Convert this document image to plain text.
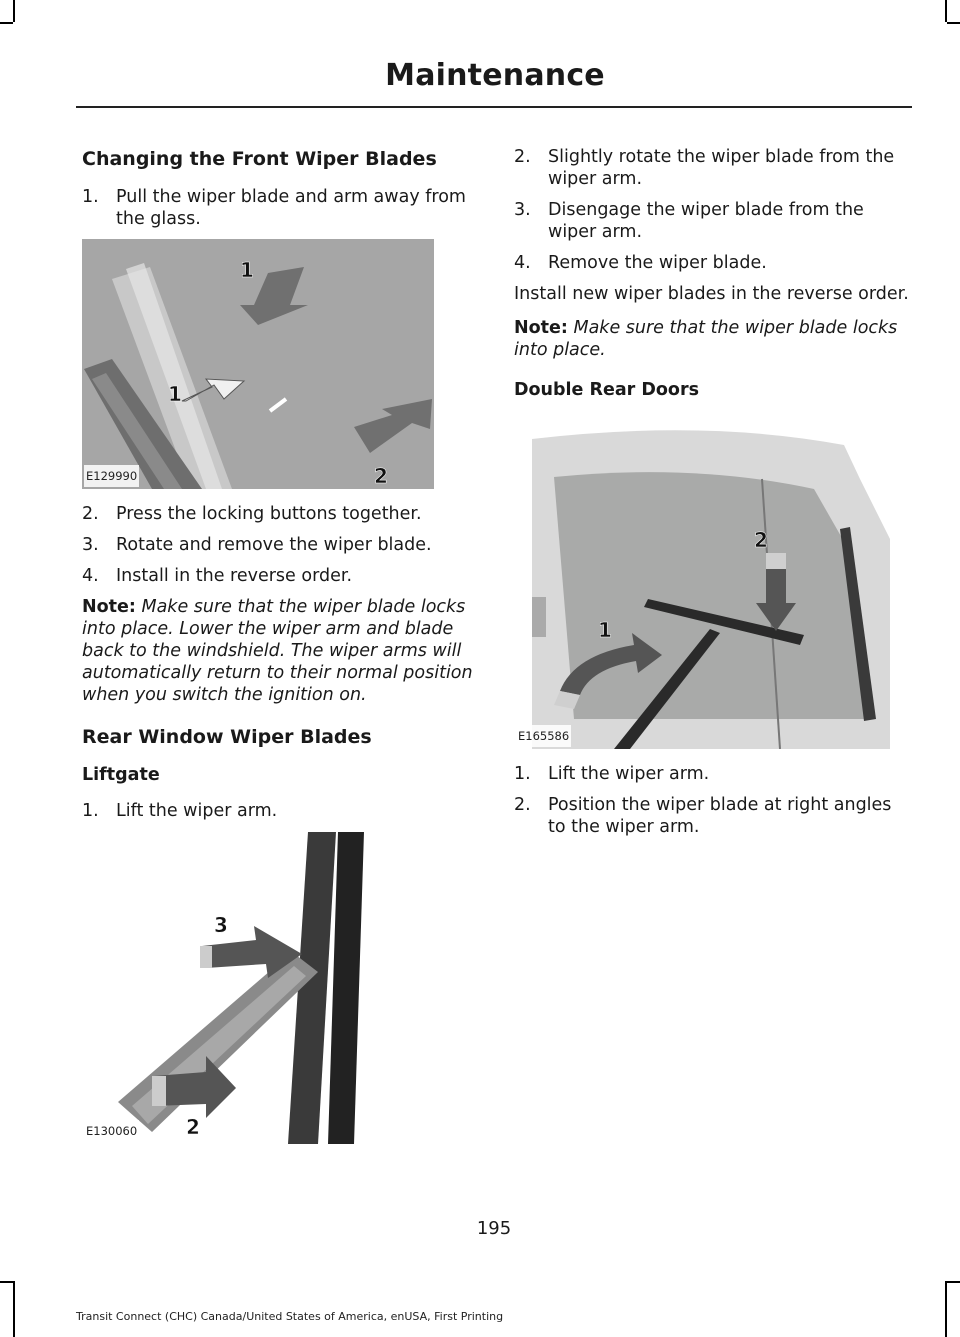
Maintenance
Changing the Front Wiper Blades
1. Pull the wiper blade and arm away from the glass.
1
1
2
E129990
2. Press the locking buttons together.
3. Rotate and remove the wiper blade.
4. Install in the reverse order.

Note: Make sure that the wiper blade locks into place. Lower the wiper arm and blade back to the windshield. The wiper arms will automatically return to their normal position when you switch the ignition on.

Rear Window Wiper Blades
Liftgate
1. Lift the wiper arm.
3
2
E130060
2. Slightly rotate the wiper blade from the wiper arm.
3. Disengage the wiper blade from the wiper arm.
4. Remove the wiper blade.

Install new wiper blades in the reverse order.

Note: Make sure that the wiper blade locks into place.

Double Rear Doors
2
1
E165586
1. Lift the wiper arm.
2. Position the wiper blade at right angles to the wiper arm.
195
Transit Connect (CHC) Canada/United States of America, enUSA, First Printing
